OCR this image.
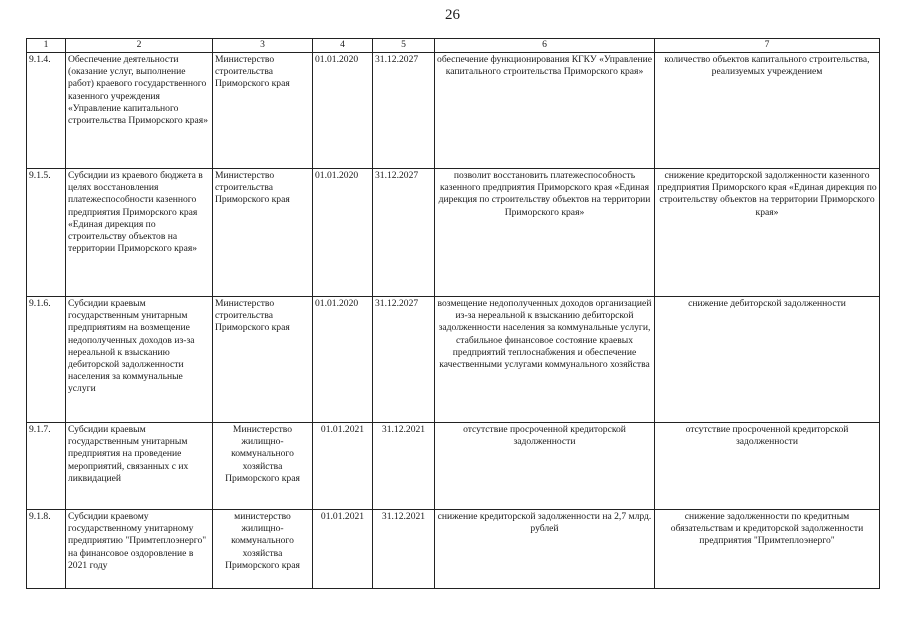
26
1	2	3	4	5	6	7
9.1.4.	Обеспечение деятельности (оказание услуг, выполнение работ) краевого государственного казенного учреждения «Управление капитального строительства Приморского края»	Министерство строительства Приморского края	01.01.2020	31.12.2027	обеспечение функционирования КГКУ «Управление капитального строительства Приморского края»	количество объектов капитального строительства, реализуемых учреждением
9.1.5.	Субсидии из краевого бюджета в целях восстановления платежеспособности казенного предприятия Приморского края «Единая дирекция по строительству объектов на территории Приморского края»	Министерство строительства Приморского края	01.01.2020	31.12.2027	позволит восстановить платежеспособность казенного предприятия Приморского края «Единая дирекция по строительству объектов на территории Приморского края»	снижение кредиторской задолженности казенного предприятия Приморского края «Единая дирекция по строительству объектов на территории Приморского края»
9.1.6.	Субсидии краевым государственным унитарным предприятиям на возмещение недополученных доходов из-за нереальной к взысканию дебиторской задолженности населения за коммунальные услуги	Министерство строительства Приморского края	01.01.2020	31.12.2027	возмещение недополученных доходов организацией из-за нереальной к взысканию дебиторской задолженности населения за коммунальные услуги, стабильное финансовое состояние краевых предприятий теплоснабжения и обеспечение качественными услугами коммунального хозяйства	снижение дебиторской задолженности
9.1.7.	Субсидии краевым государственным унитарным предприятия на проведение мероприятий, связанных с их ликвидацией	Министерство жилищно-коммунального хозяйства Приморского края	01.01.2021	31.12.2021	отсутствие просроченной кредиторской задолженности	отсутствие просроченной кредиторской задолженности
9.1.8.	Субсидии краевому государственному унитарному предприятию "Примтеплоэнерго" на финансовое оздоровление в 2021 году	министерство жилищно-коммунального хозяйства Приморского края	01.01.2021	31.12.2021	снижение кредиторской задолженности на 2,7 млрд. рублей	снижение задолженности по кредитным обязательствам и кредиторской задолженности предприятия "Примтеплоэнерго"
